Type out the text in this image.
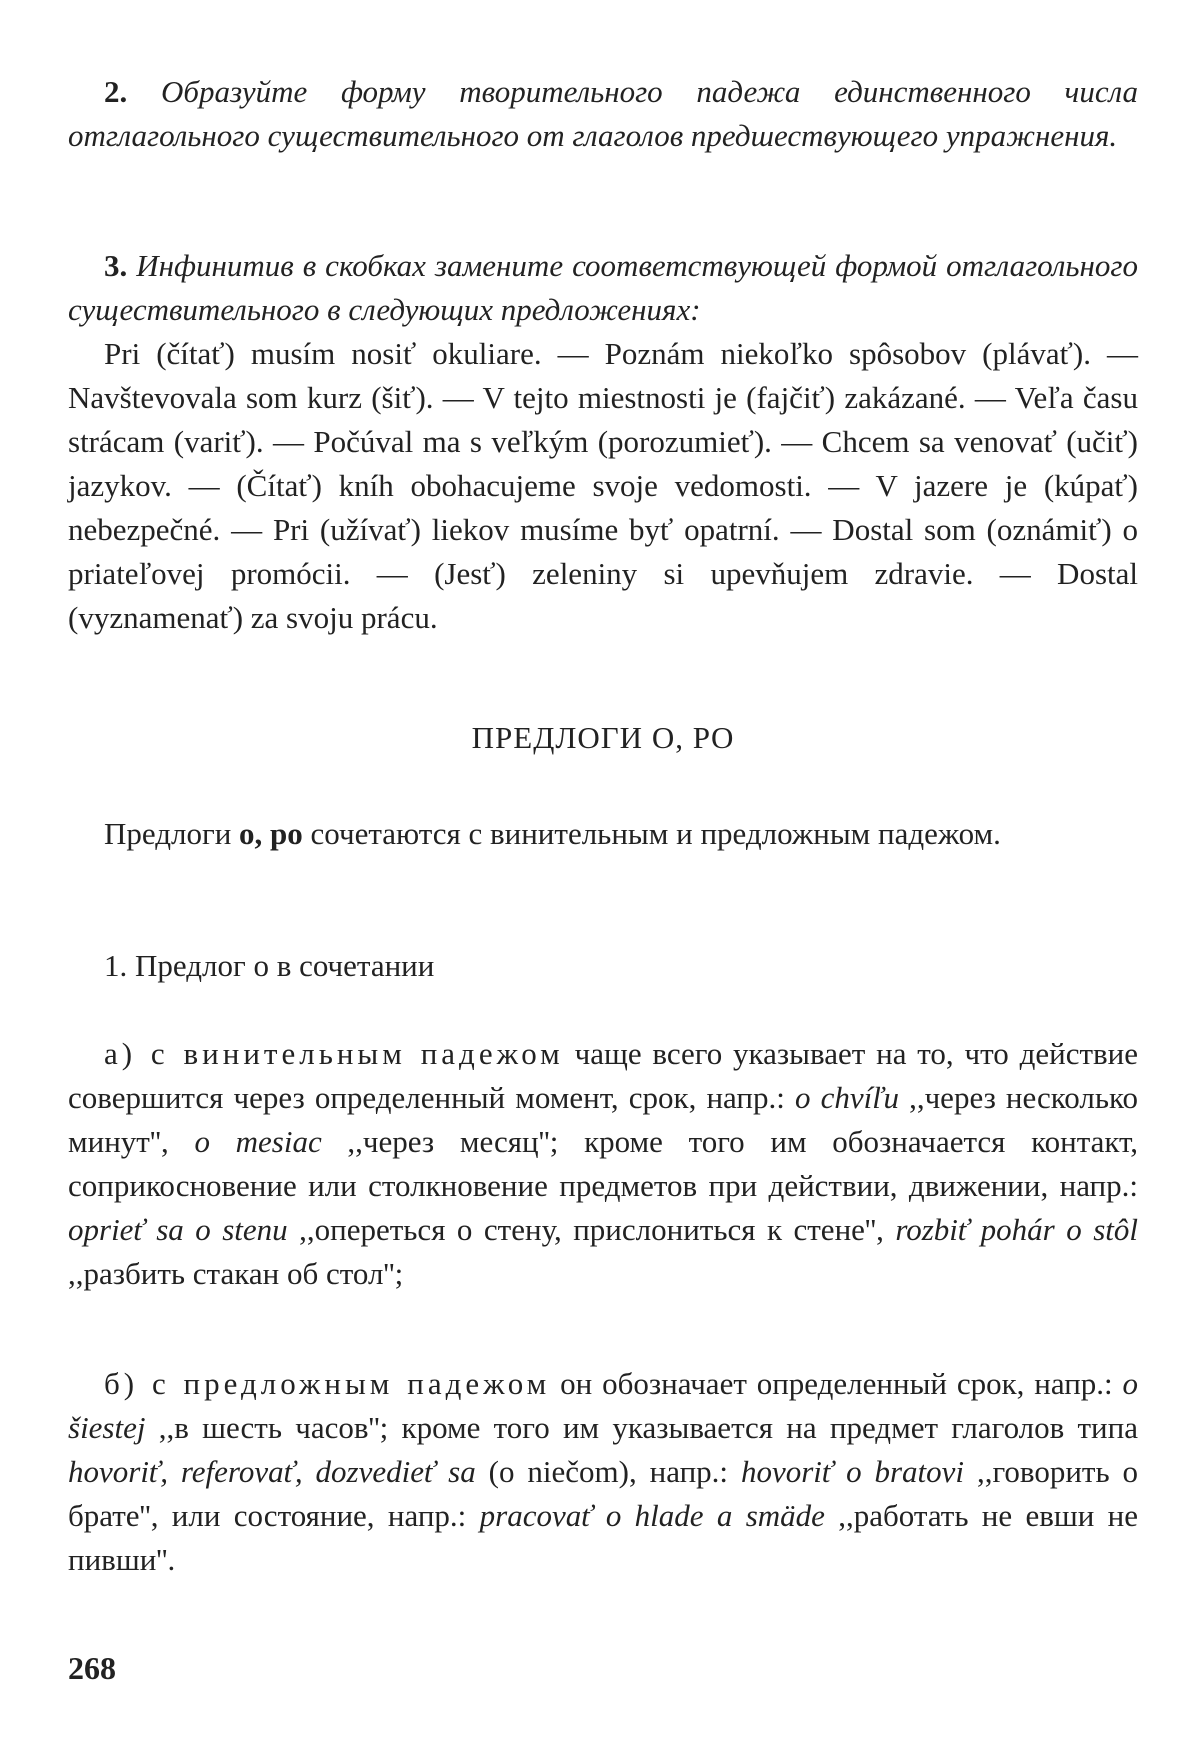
2. Образуйте форму творительного падежа единственного числа отглагольного существительного от глаголов предшествующего упражнения.

3. Инфинитив в скобках замените соответствующей формой отглагольного существительного в следующих предложениях:

Pri (čítať) musím nosiť okuliare. — Poznám niekoľko spôsobov (plávať). — Navštevovala som kurz (šiť). — V tejto miestnosti je (fajčiť) zakázané. — Veľa času strácam (variť). — Počúval ma s veľkým (porozumieť). — Chcem sa venovať (učiť) jazykov. — (Čítať) kníh obohacujeme svoje vedomosti. — V jazere je (kúpať) nebezpečné. — Pri (užívať) liekov musíme byť opatrní. — Dostal som (oznámiť) o priateľovej promócii. — (Jesť) zeleniny si upevňujem zdravie. — Dostal (vyznamenať) za svoju prácu.

ПРЕДЛОГИ О, PO

Предлоги o, po сочетаются с винительным и предложным падежом.

1. Предлог o в сочетании

а) с винительным падежом чаще всего указывает на то, что действие совершится через определенный момент, срок, напр.: o chvíľu ,,через несколько минут'', o mesiac ,,через месяц''; кроме того им обозначается контакт, соприкосновение или столкновение предметов при действии, движении, напр.: oprieť sa o stenu ,,опереться о стену, прислониться к стене'', rozbiť pohár o stôl ,,разбить стакан об стол'';

б) с предложным падежом он обозначает определенный срок, напр.: o šiestej ,,в шесть часов''; кроме того им указывается на предмет глаголов типа hovoriť, referovať, dozvedieť sa (o niečom), напр.: hovoriť o bratovi ,,говорить о брате'', или состояние, напр.: pracovať o hlade a smäde ,,работать не евши не пивши''.

268
